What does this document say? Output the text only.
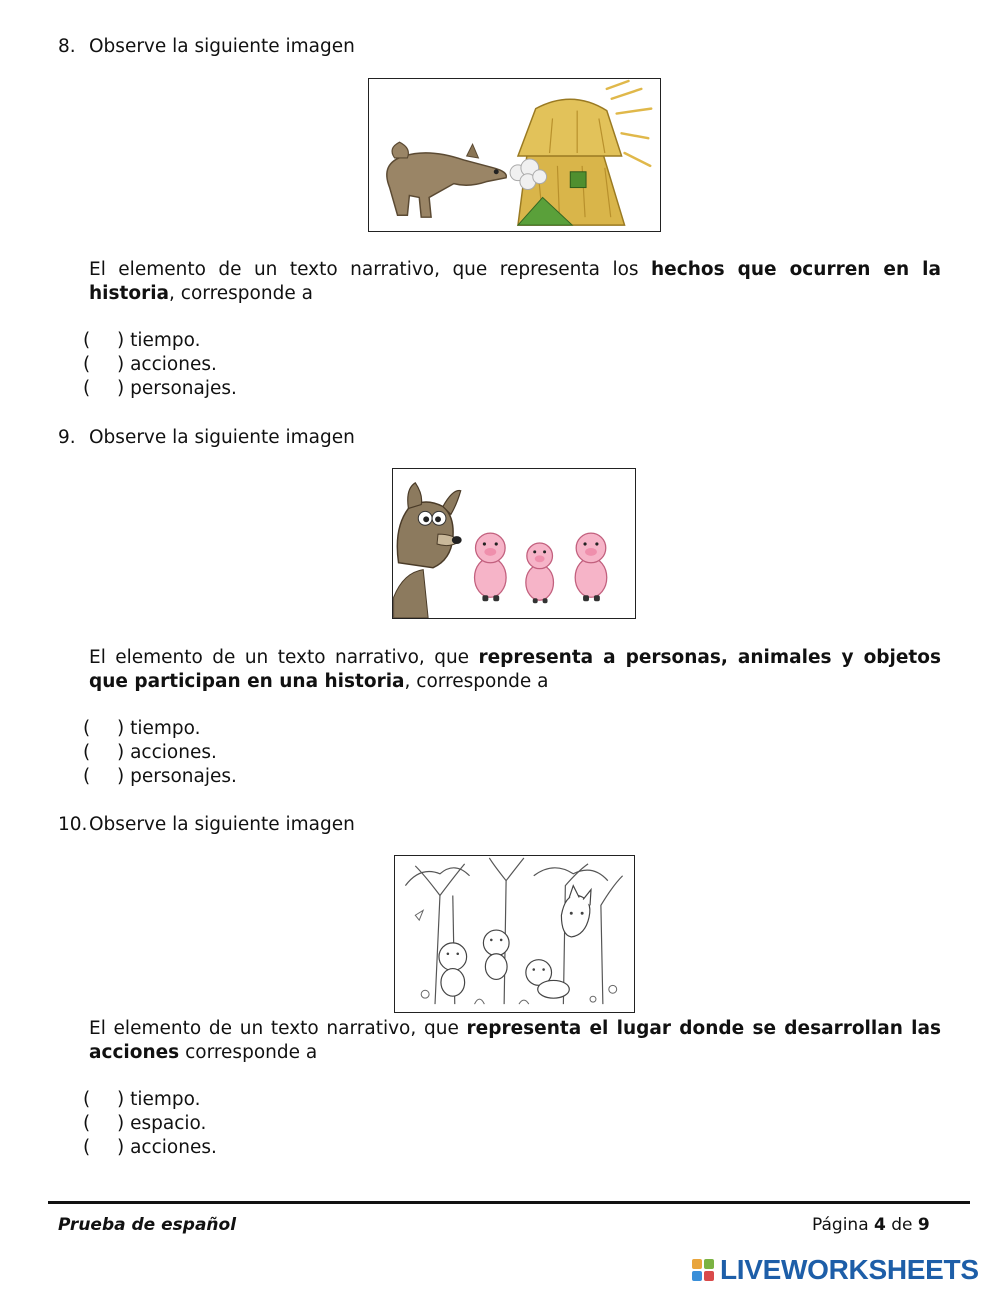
8. Observe la siguiente imagen
El elemento de un texto narrativo, que representa los hechos que ocurren en la historia, corresponde a
( ) tiempo.
( ) acciones.
( ) personajes.
9. Observe la siguiente imagen
El elemento de un texto narrativo, que representa a personas, animales y objetos que participan en una historia, corresponde a
( ) tiempo.
( ) acciones.
( ) personajes.
10. Observe la siguiente imagen
El elemento de un texto narrativo, que representa el lugar donde se desarrollan las acciones corresponde a
( ) tiempo.
( ) espacio.
( ) acciones.
Prueba de español	Página 4 de 9
LIVEWORKSHEETS
